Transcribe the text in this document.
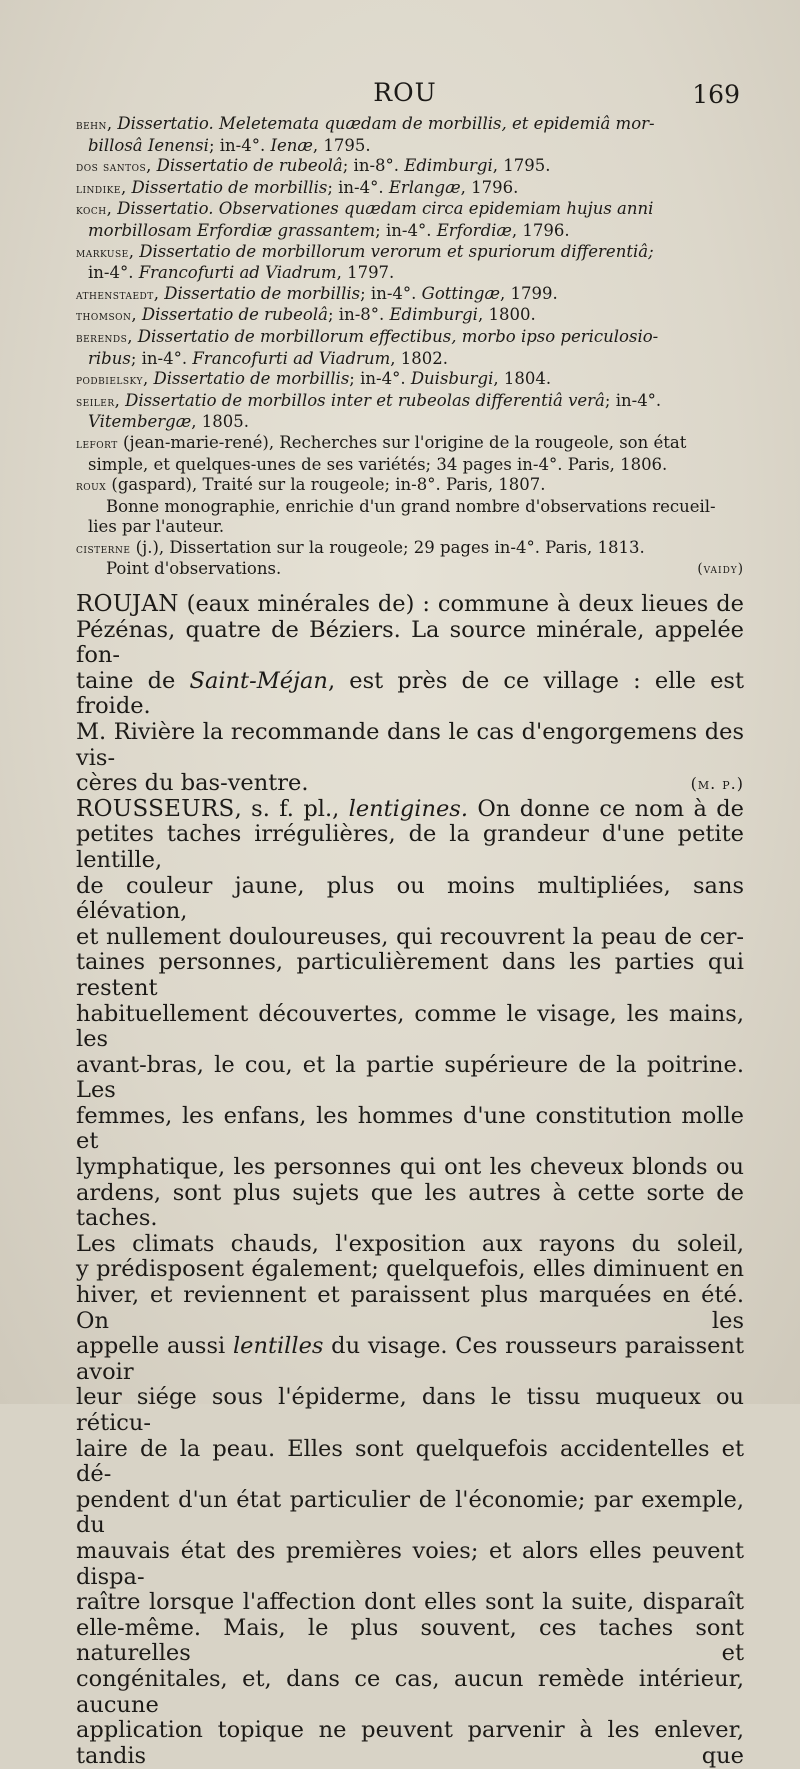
ROU	169

behn, Dissertatio. Meletemata quædam de morbillis, et epidemiâ mor-

billosâ Ienensi; in-4°. Ienæ, 1795.

dos santos, Dissertatio de rubeolâ; in-8°. Edimburgi, 1795.

lindike, Dissertatio de morbillis; in-4°. Erlangæ, 1796.

koch, Dissertatio. Observationes quædam circa epidemiam hujus anni

morbillosam Erfordiæ grassantem; in-4°. Erfordiæ, 1796.

markuse, Dissertatio de morbillorum verorum et spuriorum differentiâ;

in-4°. Francofurti ad Viadrum, 1797.

athenstaedt, Dissertatio de morbillis; in-4°. Gottingæ, 1799.

thomson, Dissertatio de rubeolâ; in-8°. Edimburgi, 1800.

berends, Dissertatio de morbillorum effectibus, morbo ipso periculosio-

ribus; in-4°. Francofurti ad Viadrum, 1802.

podbielsky, Dissertatio de morbillis; in-4°. Duisburgi, 1804.

seiler, Dissertatio de morbillos inter et rubeolas differentiâ verâ; in-4°.

Vitembergæ, 1805.

lefort (jean-marie-rené), Recherches sur l'origine de la rougeole, son état

simple, et quelques-unes de ses variétés; 34 pages in-4°. Paris, 1806.

roux (gaspard), Traité sur la rougeole; in-8°. Paris, 1807.

Bonne monographie, enrichie d'un grand nombre d'observations recueil-
lies par l'auteur.

cisterne (j.), Dissertation sur la rougeole; 29 pages in-4°. Paris, 1813.

Point d'observations.	(vaidy)
ROUJAN (eaux minérales de) : commune à deux lieues de
Pézénas, quatre de Béziers. La source minérale, appelée fon-
taine de Saint-Méjan, est près de ce village : elle est froide.
M. Rivière la recommande dans le cas d'engorgemens des vis-
cères du bas-ventre.	(m. p.)
ROUSSEURS, s. f. pl., lentigines. On donne ce nom à de
petites taches irrégulières, de la grandeur d'une petite lentille,
de couleur jaune, plus ou moins multipliées, sans élévation,
et nullement douloureuses, qui recouvrent la peau de cer-
taines personnes, particulièrement dans les parties qui restent
habituellement découvertes, comme le visage, les mains, les
avant-bras, le cou, et la partie supérieure de la poitrine. Les
femmes, les enfans, les hommes d'une constitution molle et
lymphatique, les personnes qui ont les cheveux blonds ou
ardens, sont plus sujets que les autres à cette sorte de taches.
Les climats chauds, l'exposition aux rayons du soleil,
y prédisposent également; quelquefois, elles diminuent en
hiver, et reviennent et paraissent plus marquées en été. On les
appelle aussi lentilles du visage. Ces rousseurs paraissent avoir
leur siége sous l'épiderme, dans le tissu muqueux ou réticu-
laire de la peau. Elles sont quelquefois accidentelles et dé-
pendent d'un état particulier de l'économie; par exemple, du
mauvais état des premières voies; et alors elles peuvent dispa-
raître lorsque l'affection dont elles sont la suite, disparaît
elle-même. Mais, le plus souvent, ces taches sont naturelles et
congénitales, et, dans ce cas, aucun remède intérieur, aucune
application topique ne peuvent parvenir à les enlever, tandis que
